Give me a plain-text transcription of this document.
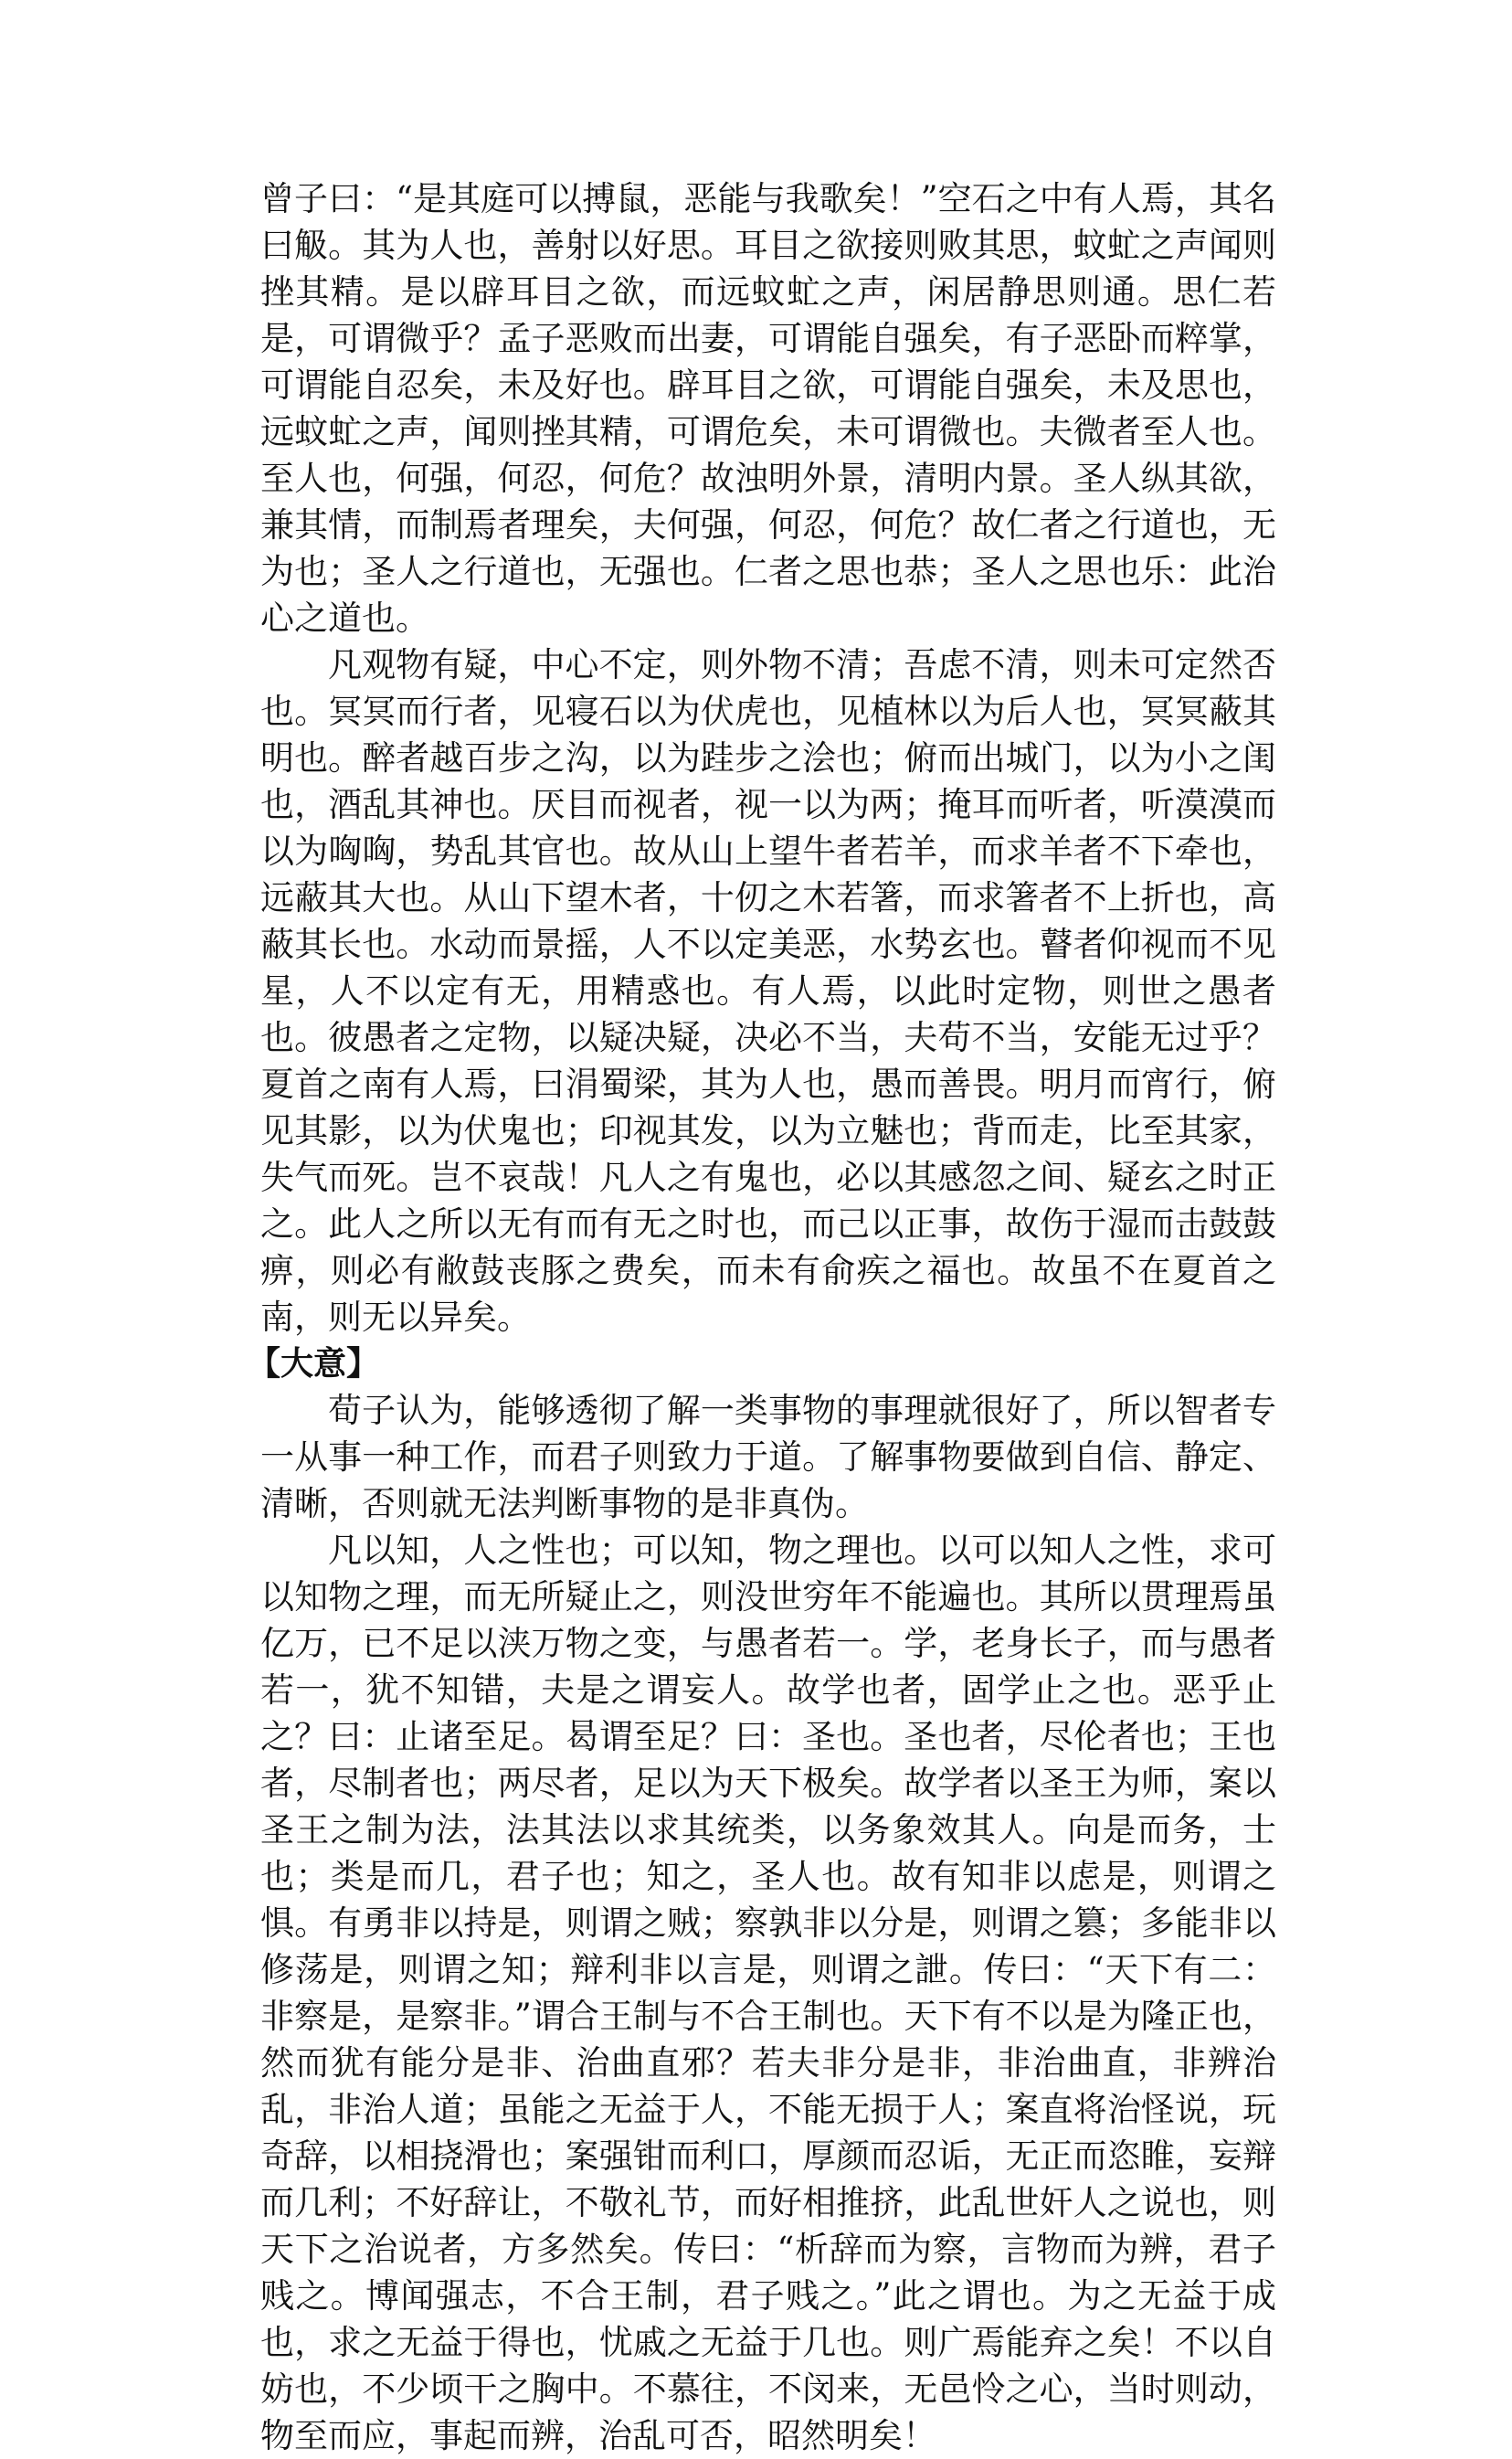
曾子曰：“是其庭可以搏鼠，恶能与我歌矣！”空石之中有人焉，其名曰觙。其为人也，善射以好思。耳目之欲接则败其思，蚊虻之声闻则挫其精。是以辟耳目之欲，而远蚊虻之声，闲居静思则通。思仁若是，可谓微乎？孟子恶败而出妻，可谓能自强矣，有子恶卧而粹掌，可谓能自忍矣，未及好也。辟耳目之欲，可谓能自强矣，未及思也，远蚊虻之声，闻则挫其精，可谓危矣，未可谓微也。夫微者至人也。至人也，何强，何忍，何危？故浊明外景，清明内景。圣人纵其欲，兼其情，而制焉者理矣，夫何强，何忍，何危？故仁者之行道也，无为也；圣人之行道也，无强也。仁者之思也恭；圣人之思也乐：此治心之道也。

凡观物有疑，中心不定，则外物不清；吾虑不清，则未可定然否也。冥冥而行者，见寝石以为伏虎也，见植林以为后人也，冥冥蔽其明也。醉者越百步之沟，以为跬步之浍也；俯而出城门，以为小之闺也，酒乱其神也。厌目而视者，视一以为两；掩耳而听者，听漠漠而以为哅哅，势乱其官也。故从山上望牛者若羊，而求羊者不下牵也，远蔽其大也。从山下望木者，十仞之木若箸，而求箸者不上折也，高蔽其长也。水动而景摇，人不以定美恶，水势玄也。瞽者仰视而不见星，人不以定有无，用精惑也。有人焉，以此时定物，则世之愚者也。彼愚者之定物，以疑决疑，决必不当，夫苟不当，安能无过乎？夏首之南有人焉，曰涓蜀梁，其为人也，愚而善畏。明月而宵行，俯见其影，以为伏鬼也；印视其发，以为立魅也；背而走，比至其家，失气而死。岂不哀哉！凡人之有鬼也，必以其感忽之间、疑玄之时正之。此人之所以无有而有无之时也，而己以正事，故伤于湿而击鼓鼓痹，则必有敝鼓丧豚之费矣，而未有俞疾之福也。故虽不在夏首之南，则无以异矣。

【大意】

荀子认为，能够透彻了解一类事物的事理就很好了，所以智者专一从事一种工作，而君子则致力于道。了解事物要做到自信、静定、清晰，否则就无法判断事物的是非真伪。

凡以知，人之性也；可以知，物之理也。以可以知人之性，求可以知物之理，而无所疑止之，则没世穷年不能遍也。其所以贯理焉虽亿万，已不足以浃万物之变，与愚者若一。学，老身长子，而与愚者若一，犹不知错，夫是之谓妄人。故学也者，固学止之也。恶乎止之？曰：止诸至足。曷谓至足？曰：圣也。圣也者，尽伦者也；王也者，尽制者也；两尽者，足以为天下极矣。故学者以圣王为师，案以圣王之制为法，法其法以求其统类，以务象效其人。向是而务，士也；类是而几，君子也；知之，圣人也。故有知非以虑是，则谓之惧。有勇非以持是，则谓之贼；察孰非以分是，则谓之篡；多能非以修荡是，则谓之知；辩利非以言是，则谓之詍。传曰：“天下有二：非察是，是察非。”谓合王制与不合王制也。天下有不以是为隆正也，然而犹有能分是非、治曲直邪？若夫非分是非，非治曲直，非辨治乱，非治人道；虽能之无益于人，不能无损于人；案直将治怪说，玩奇辞，以相挠滑也；案强钳而利口，厚颜而忍诟，无正而恣睢，妄辩而几利；不好辞让，不敬礼节，而好相推挤，此乱世奸人之说也，则天下之治说者，方多然矣。传曰：“析辞而为察，言物而为辨，君子贱之。博闻强志，不合王制，君子贱之。”此之谓也。为之无益于成也，求之无益于得也，忧戚之无益于几也。则广焉能弃之矣！不以自妨也，不少顷干之胸中。不慕往，不闵来，无邑怜之心，当时则动，物至而应，事起而辨，治乱可否，昭然明矣！
